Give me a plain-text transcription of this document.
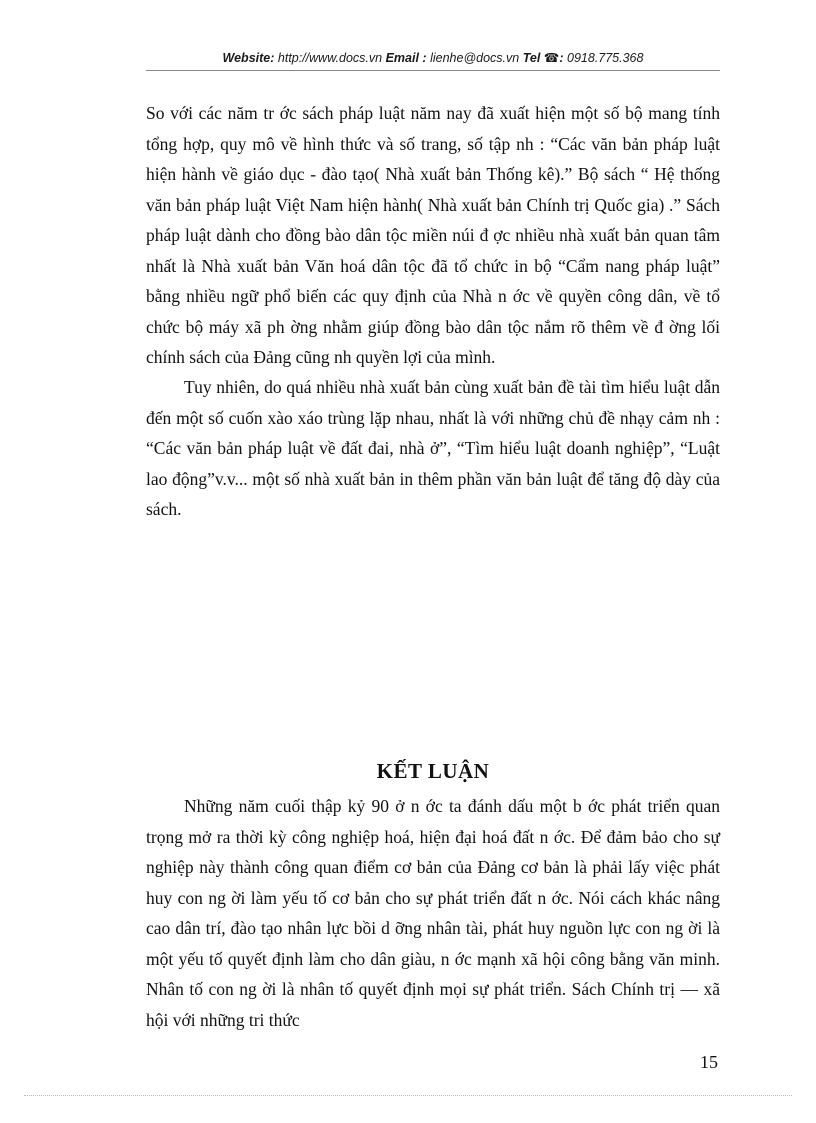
Website: http://www.docs.vn Email : lienhe@docs.vn Tel ☎: 0918.775.368

So với các năm tr ớc sách pháp luật năm nay đã xuất hiện một số bộ mang tính tổng hợp, quy mô về hình thức và số trang, số tập nh : “Các văn bản pháp luật hiện hành về giáo dục - đào tạo( Nhà xuất bản Thống kê).” Bộ sách “ Hệ thống văn bản pháp luật Việt Nam hiện hành( Nhà xuất bản Chính trị Quốc gia) .” Sách pháp luật dành cho đồng bào dân tộc miền núi đ ợc nhiều nhà xuất bản quan tâm nhất là Nhà xuất bản Văn hoá dân tộc đã tổ chức in bộ “Cẩm nang pháp luật” bằng nhiều ngữ phổ biến các quy định của Nhà n ớc về quyền công dân, về tổ chức bộ máy xã ph ờng nhằm giúp đồng bào dân tộc nắm rõ thêm về đ ờng lối chính sách của Đảng cũng nh quyền lợi của mình.

Tuy nhiên, do quá nhiều nhà xuất bản cùng xuất bản đề tài tìm hiểu luật dẫn đến một số cuốn xào xáo trùng lặp nhau, nhất là với những chủ đề nhạy cảm nh : “Các văn bản pháp luật về đất đai, nhà ở”, “Tìm hiểu luật doanh nghiệp”, “Luật lao động”v.v... một số nhà xuất bản in thêm phần văn bản luật để tăng độ dày của sách.

KẾT LUẬN

Những năm cuối thập kỷ 90 ở n ớc ta đánh dấu một b ớc phát triển quan trọng mở ra thời kỳ công nghiệp hoá, hiện đại hoá đất n ớc. Để đảm bảo cho sự nghiệp này thành công quan điểm cơ bản của Đảng cơ bản là phải lấy việc phát huy con ng ời làm yếu tố cơ bản cho sự phát triển đất n ớc. Nói cách khác nâng cao dân trí, đào tạo nhân lực bồi d ỡng nhân tài, phát huy nguồn lực con ng ời là một yếu tố quyết định làm cho dân giàu, n ớc mạnh xã hội công bằng văn minh. Nhân tố con ng ời là nhân tố quyết định mọi sự phát triển. Sách Chính trị — xã hội với những tri thức

15
